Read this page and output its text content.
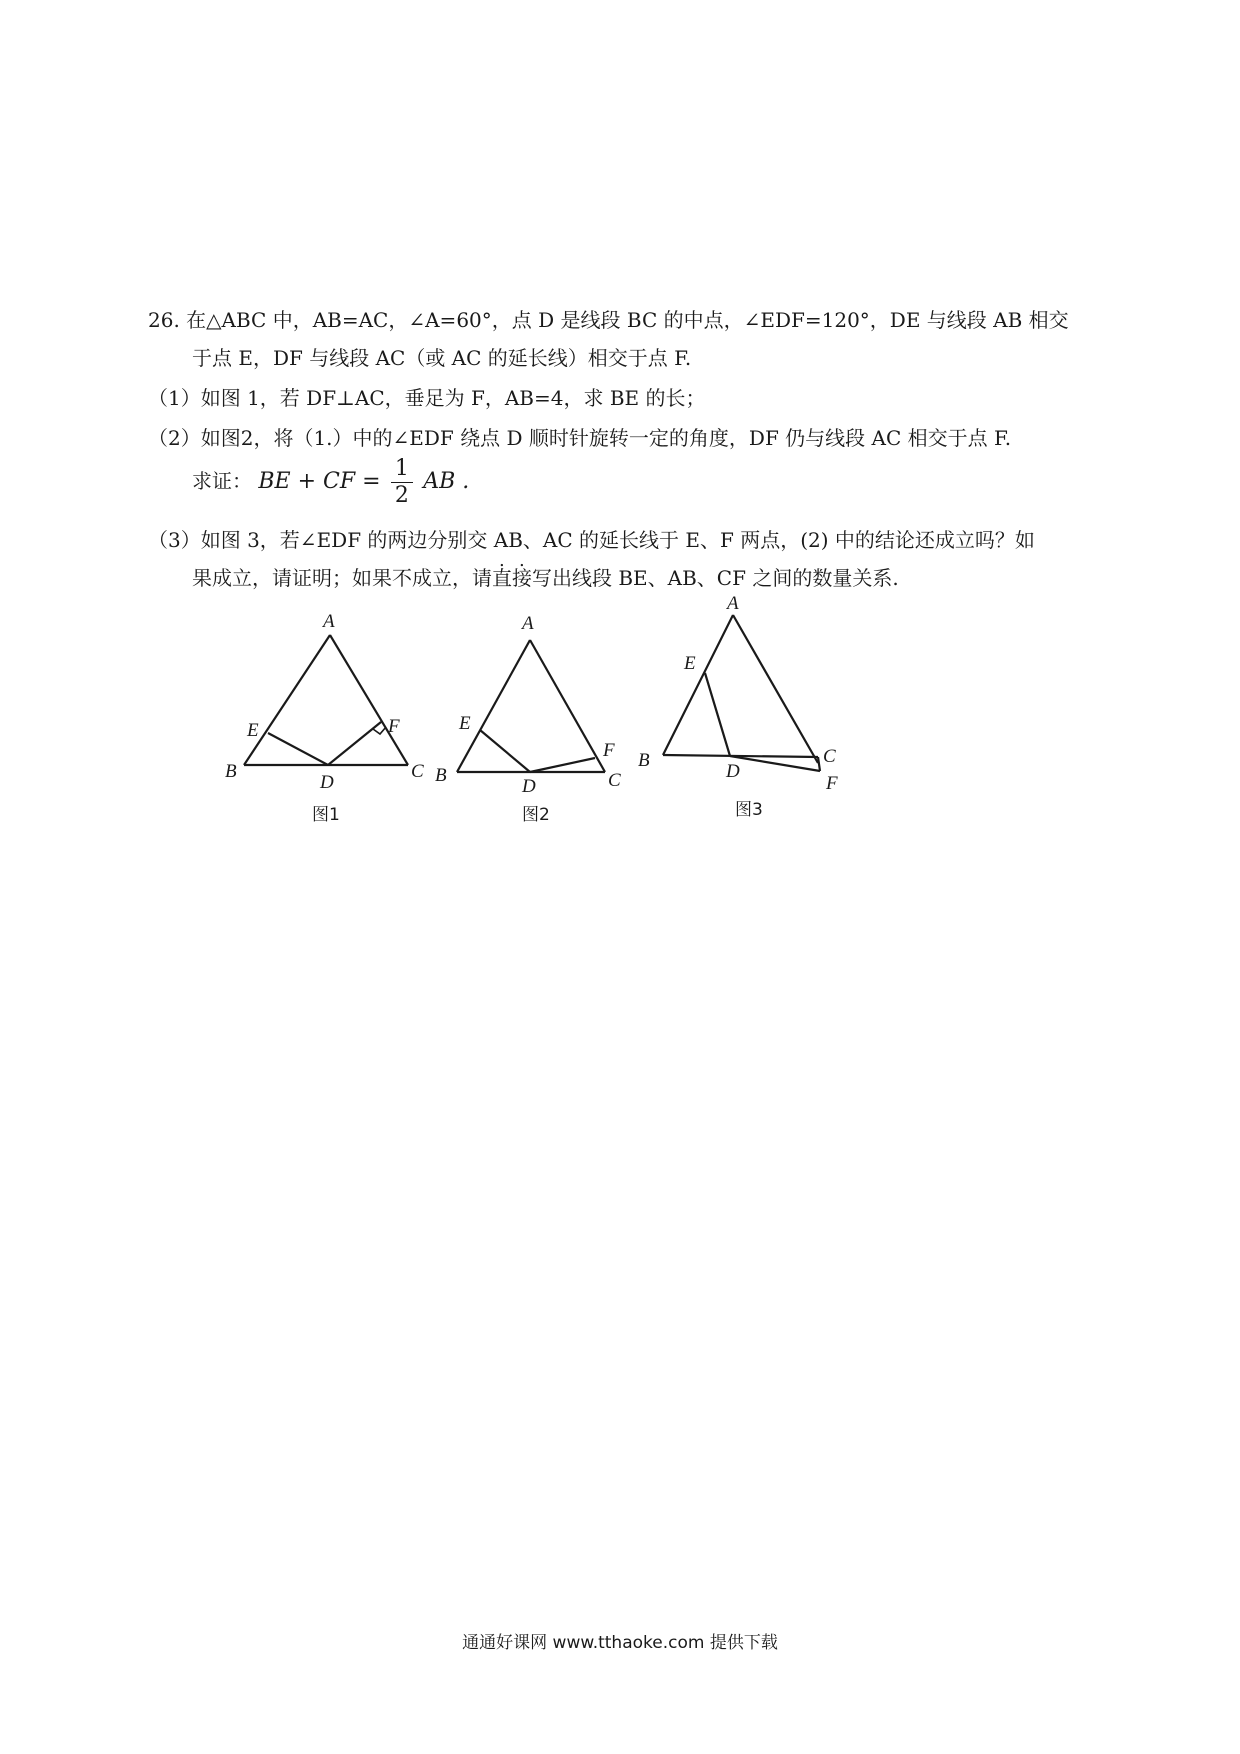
26. 在△ABC 中，AB=AC，∠A=60°，点 D 是线段 BC 的中点，∠EDF=120°，DE 与线段 AB 相交
于点 E，DF 与线段 AC（或 AC 的延长线）相交于点 F.
（1）如图 1，若 DF⊥AC，垂足为 F，AB=4，求 BE 的长；
（2）如图2，将（1.）中的∠EDF 绕点 D 顺时针旋转一定的角度，DF 仍与线段 AC 相交于点 F.
求证： BE + CF = $\frac{1}{2}$ AB .
（3）如图 3，若∠EDF 的两边分别交 AB、AC 的延长线于 E、F 两点，(2) 中的结论还成立吗？如
果成立，请证明；如果不成立，请直接写出线段 BE、AB、CF 之间的数量关系.
A
B	C
D
E	F
图1
A
B	C
D
E
F
图2
A
B	C
D
E
F
图3
通通好课网 www.tthaoke.com 提供下载
